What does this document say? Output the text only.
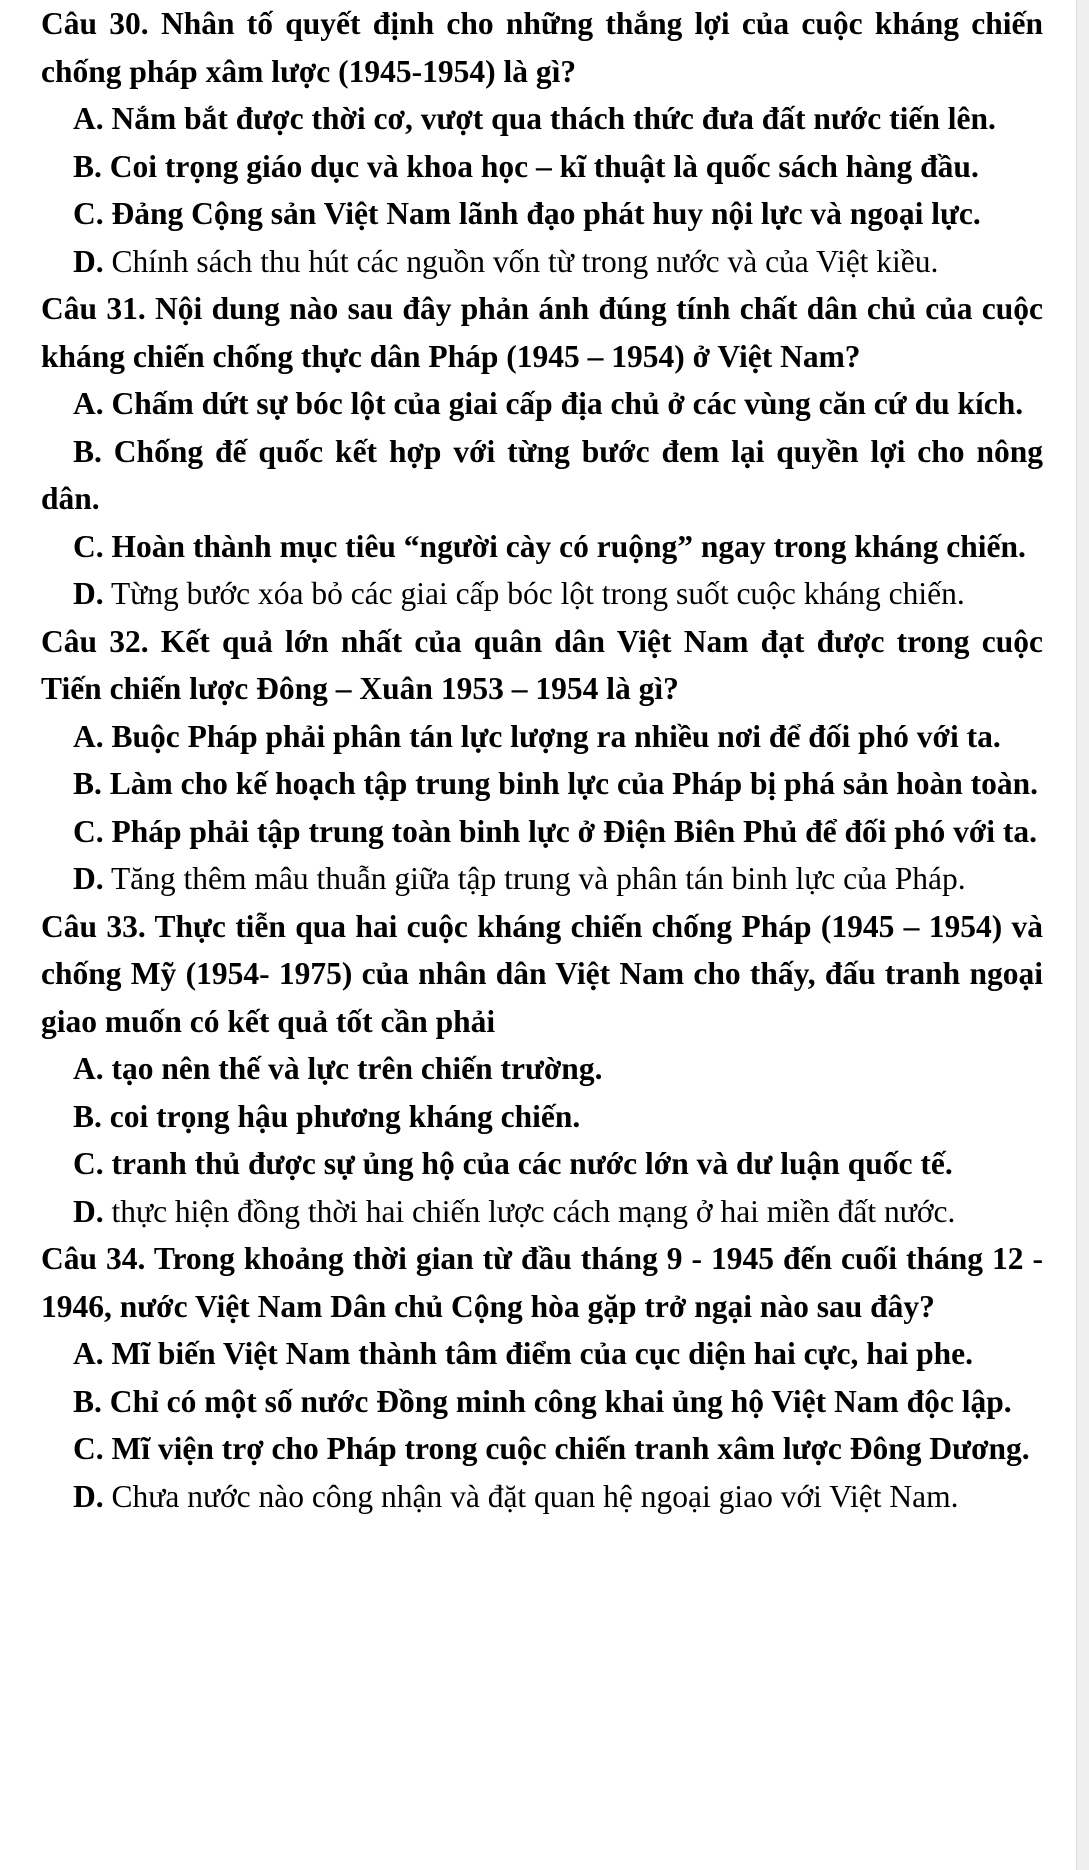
Câu 30. Nhân tố quyết định cho những thắng lợi của cuộc kháng chiến chống pháp xâm lược (1945-1954) là gì?

A. Nắm bắt được thời cơ, vượt qua thách thức đưa đất nước tiến lên.

B. Coi trọng giáo dục và khoa học – kĩ thuật là quốc sách hàng đầu.

C. Đảng Cộng sản Việt Nam lãnh đạo phát huy nội lực và ngoại lực.

D. Chính sách thu hút các nguồn vốn từ trong nước và của Việt kiều.

Câu 31. Nội dung nào sau đây phản ánh đúng tính chất dân chủ của cuộc kháng chiến chống thực dân Pháp (1945 – 1954) ở Việt Nam?

A. Chấm dứt sự bóc lột của giai cấp địa chủ ở các vùng căn cứ du kích.

B. Chống đế quốc kết hợp với từng bước đem lại quyền lợi cho nông dân.

C. Hoàn thành mục tiêu “người cày có ruộng” ngay trong kháng chiến.

D. Từng bước xóa bỏ các giai cấp bóc lột trong suốt cuộc kháng chiến.

Câu 32. Kết quả lớn nhất của quân dân Việt Nam đạt được trong cuộc Tiến chiến lược Đông – Xuân 1953 – 1954 là gì?

A. Buộc Pháp phải phân tán lực lượng ra nhiều nơi để đối phó với ta.

B. Làm cho kế hoạch tập trung binh lực của Pháp bị phá sản hoàn toàn.

C. Pháp phải tập trung toàn binh lực ở Điện Biên Phủ để đối phó với ta.

D. Tăng thêm mâu thuẫn giữa tập trung và phân tán binh lực của Pháp.

Câu 33. Thực tiễn qua hai cuộc kháng chiến chống Pháp (1945 – 1954) và chống Mỹ (1954- 1975) của nhân dân Việt Nam cho thấy, đấu tranh ngoại giao muốn có kết quả tốt cần phải

A. tạo nên thế và lực trên chiến trường.

B. coi trọng hậu phương kháng chiến.

C. tranh thủ được sự ủng hộ của các nước lớn và dư luận quốc tế.

D. thực hiện đồng thời hai chiến lược cách mạng ở hai miền đất nước.

Câu 34. Trong khoảng thời gian từ đầu tháng 9 - 1945 đến cuối tháng 12 - 1946, nước Việt Nam Dân chủ Cộng hòa gặp trở ngại nào sau đây?

A. Mĩ biến Việt Nam thành tâm điểm của cục diện hai cực, hai phe.

B. Chỉ có một số nước Đồng minh công khai ủng hộ Việt Nam độc lập.

C. Mĩ viện trợ cho Pháp trong cuộc chiến tranh xâm lược Đông Dương.

D. Chưa nước nào công nhận và đặt quan hệ ngoại giao với Việt Nam.
